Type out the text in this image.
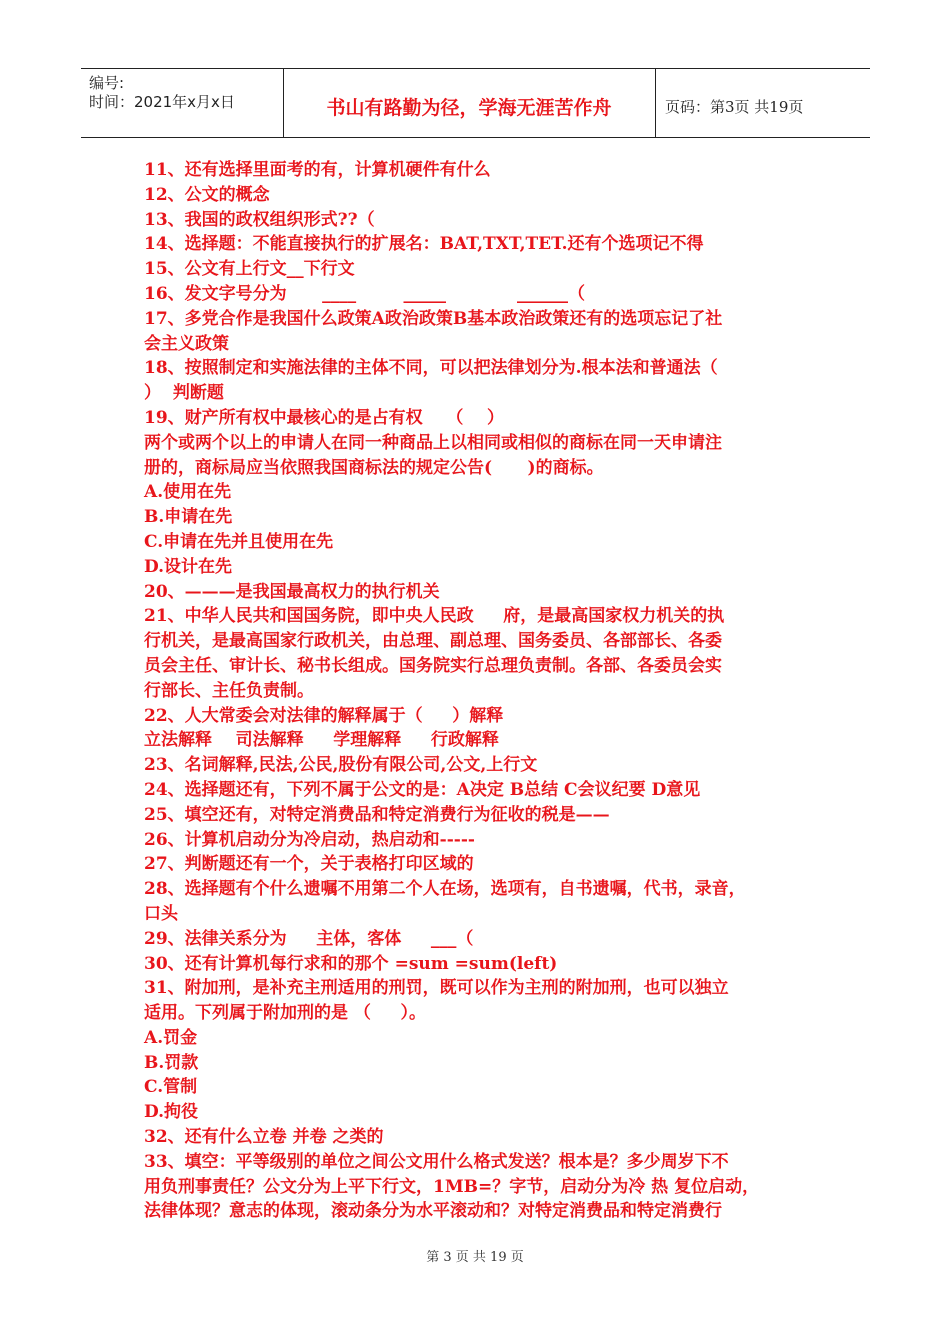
编号:
时间：2021年x月x日	书山有路勤为径，学海无涯苦作舟	页码：第3页 共19页
11、还有选择里面考的有，计算机硬件有什么
12、公文的概念
13、我国的政权组织形式??（
14、选择题：不能直接执行的扩展名：BAT,TXT,TET.还有个选项记不得
15、公文有上行文__下行文
16、发文字号分为      ____        _____            ______（
17、多党合作是我国什么政策A政治政策B基本政治政策还有的选项忘记了社
会主义政策
18、按照制定和实施法律的主体不同，可以把法律划分为.根本法和普通法（
）  判断题
19、财产所有权中最核心的是占有权    （    ）
两个或两个以上的申请人在同一种商品上以相同或相似的商标在同一天申请注
册的，商标局应当依照我国商标法的规定公告(      )的商标。
A.使用在先
B.申请在先
C.申请在先并且使用在先
D.设计在先
20、———是我国最高权力的执行机关
21、中华人民共和国国务院，即中央人民政     府，是最高国家权力机关的执
行机关，是最高国家行政机关，由总理、副总理、国务委员、各部部长、各委
员会主任、审计长、秘书长组成。国务院实行总理负责制。各部、各委员会实
行部长、主任负责制。
22、人大常委会对法律的解释属于（     ）解释
立法解释    司法解释     学理解释     行政解释
23、名词解释,民法,公民,股份有限公司,公文,上行文
24、选择题还有，下列不属于公文的是：A决定 B总结 C会议纪要 D意见
25、填空还有，对特定消费品和特定消费行为征收的税是——
26、计算机启动分为冷启动，热启动和-----
27、判断题还有一个，关于表格打印区域的
28、选择题有个什么遗嘱不用第二个人在场，选项有，自书遗嘱，代书，录音，
口头
29、法律关系分为     主体，客体     ___（
30、还有计算机每行求和的那个 =sum =sum(left)
31、附加刑，是补充主刑适用的刑罚，既可以作为主刑的附加刑，也可以独立
适用。下列属于附加刑的是 （     ）。
A.罚金
B.罚款
C.管制
D.拘役
32、还有什么立卷 并卷 之类的
33、填空：平等级别的单位之间公文用什么格式发送？根本是？多少周岁下不
用负刑事责任？公文分为上平下行文，1MB=？字节，启动分为冷 热 复位启动，
法律体现？意志的体现，滚动条分为水平滚动和？对特定消费品和特定消费行
第 3 页 共 19 页
